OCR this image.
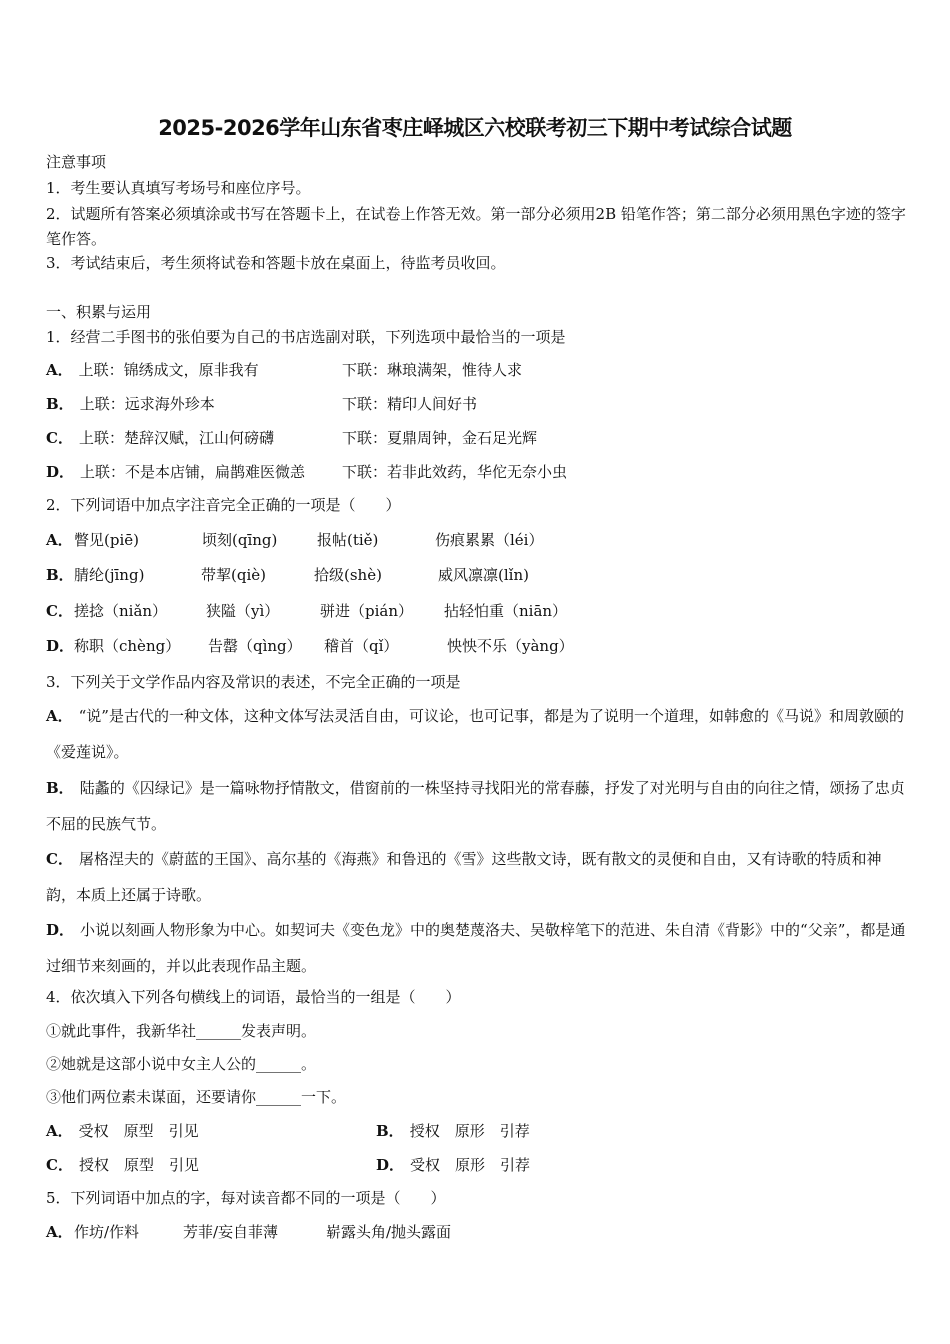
2025-2026学年山东省枣庄峄城区六校联考初三下期中考试综合试题
注意事项
1．考生要认真填写考场号和座位序号。
2．试题所有答案必须填涂或书写在答题卡上，在试卷上作答无效。第一部分必须用2B 铅笔作答；第二部分必须用黑色字迹的签字笔作答。
3．考试结束后，考生须将试卷和答题卡放在桌面上，待监考员收回。
一、积累与运用
1．经营二手图书的张伯要为自己的书店选副对联，下列选项中最恰当的一项是
A． 上联：锦绣成文，原非我有	下联：琳琅满架，惟待人求
B． 上联：远求海外珍本	下联：精印人间好书
C． 上联：楚辞汉赋，江山何磅礴	下联：夏鼎周钟，金石足光辉
D． 上联：不是本店铺，扁鹊难医微恙 下联：若非此效药，华佗无奈小虫
2．下列词语中加点字注音完全正确的一项是（　　）
A． 瞥见(piē)	顷刻(qīng)	报帖(tiě)	伤痕累累（léi）
B． 腈纶(jīng)	带挈(qiè)	拾级(shè)	威风凛凛(lǐn)
C． 搓捻（niǎn）	狭隘（yì）	骈进（pián） 拈轻怕重（niān）
D． 称职（chèng） 告罄（qìng） 稽首（qǐ）	怏怏不乐（yàng）
3．下列关于文学作品内容及常识的表述，不完全正确的一项是
A． “说”是古代的一种文体，这种文体写法灵活自由，可议论，也可记事，都是为了说明一个道理，如韩愈的《马说》和周敦颐的《爱莲说》。
B． 陆蠡的《囚绿记》是一篇咏物抒情散文，借窗前的一株坚持寻找阳光的常春藤，抒发了对光明与自由的向往之情，颂扬了忠贞不屈的民族气节。
C． 屠格涅夫的《蔚蓝的王国》、高尔基的《海燕》和鲁迅的《雪》这些散文诗，既有散文的灵便和自由，又有诗歌的特质和神韵，本质上还属于诗歌。
D． 小说以刻画人物形象为中心。如契诃夫《变色龙》中的奥楚蔑洛夫、吴敬梓笔下的范进、朱自清《背影》中的“父亲”，都是通过细节来刻画的，并以此表现作品主题。
4．依次填入下列各句横线上的词语，最恰当的一组是（　　）
①就此事件，我新华社______发表声明。
②她就是这部小说中女主人公的______。
③他们两位素未谋面，还要请你______一下。
A． 受权　原型　引见	B． 授权　原形　引荐
C． 授权　原型　引见	D． 受权　原形　引荐
5．下列词语中加点的字，每对读音都不同的一项是（　　）
A． 作坊/作料	芳菲/妄自菲薄	崭露头角/抛头露面
